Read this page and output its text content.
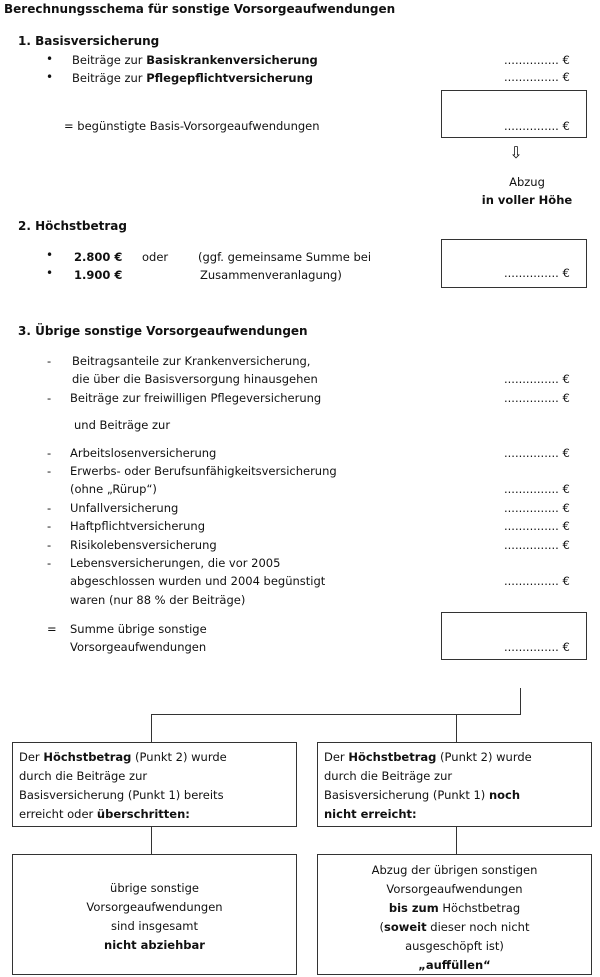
Berechnungsschema für sonstige Vorsorgeaufwendungen
1. Basisversicherung
• Beiträge zur Basiskrankenversicherung	............... €
• Beiträge zur Pflegepflichtversicherung	............... €
= begünstigte Basis-Vorsorgeaufwendungen	............... €
⇩
Abzug
in voller Höhe
2. Höchstbetrag
• 2.800 € oder	(ggf. gemeinsame Summe bei
• 1.900 €	Zusammenveranlagung)	............... €
3. Übrige sonstige Vorsorgeaufwendungen
- Beitragsanteile zur Krankenversicherung,
die über die Basisversorgung hinausgehen	............... €
- Beiträge zur freiwilligen Pflegeversicherung	............... €
und Beiträge zur
- Arbeitslosenversicherung	............... €
- Erwerbs- oder Berufsunfähigkeitsversicherung
(ohne „Rürup“)	............... €
- Unfallversicherung	............... €
- Haftpflichtversicherung	............... €
- Risikolebensversicherung	............... €
- Lebensversicherungen, die vor 2005
abgeschlossen wurden und 2004 begünstigt
waren (nur 88 % der Beiträge)
............... €
= Summe übrige sonstige
Vorsorgeaufwendungen	............... €
Der Höchstbetrag (Punkt 2) wurde
durch die Beiträge zur
Basisversicherung (Punkt 1) bereits
erreicht oder überschritten:
Der Höchstbetrag (Punkt 2) wurde
durch die Beiträge zur
Basisversicherung (Punkt 1) noch
nicht erreicht:
übrige sonstige
Vorsorgeaufwendungen
sind insgesamt
nicht abziehbar
Abzug der übrigen sonstigen
Vorsorgeaufwendungen
bis zum Höchstbetrag
(soweit dieser noch nicht
ausgeschöpft ist)
„auffüllen“
